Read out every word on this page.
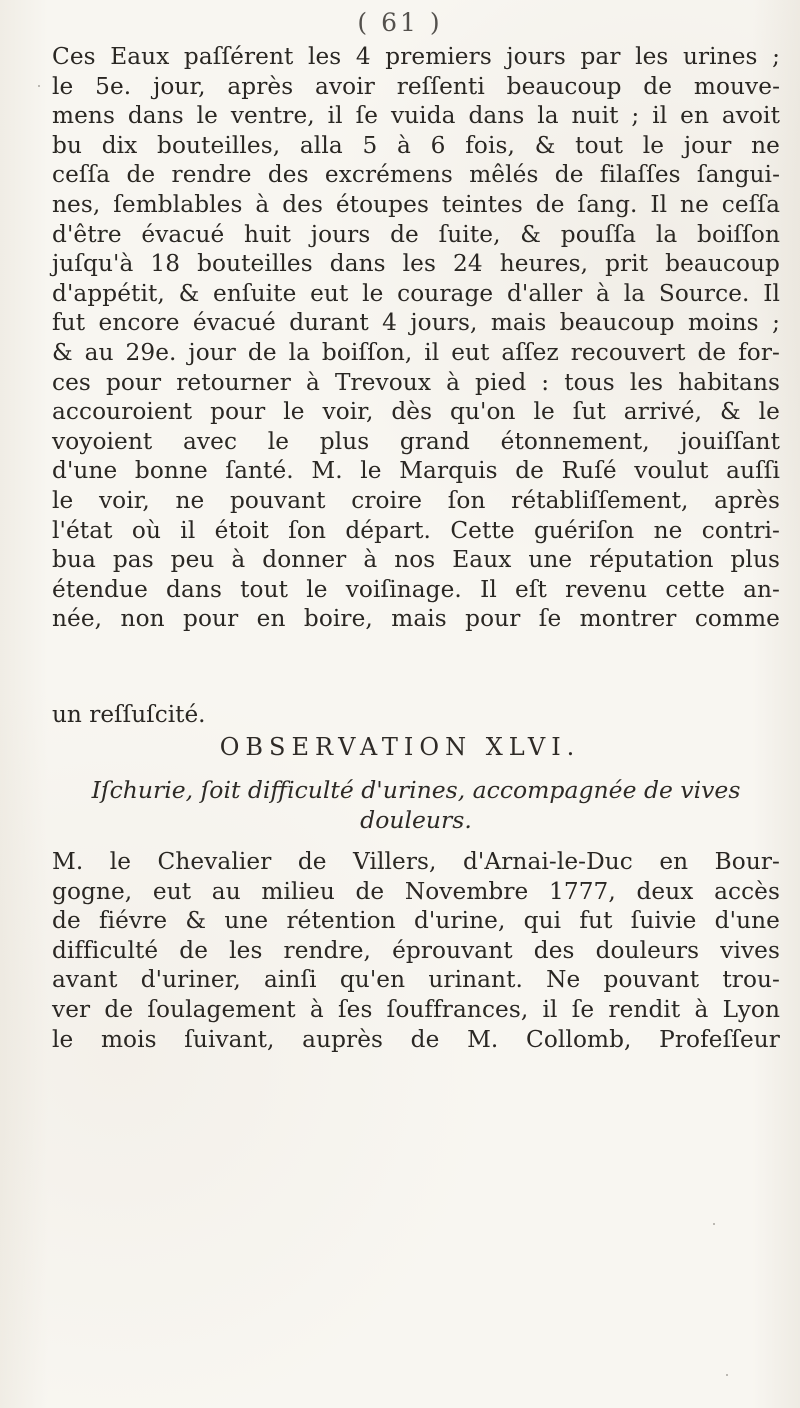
( 61 )
Ces Eaux paſſérent les 4 premiers jours par les urines ;
le 5e. jour, après avoir reſſenti beaucoup de mouve-
mens dans le ventre, il ſe vuida dans la nuit ; il en avoit
bu dix bouteilles, alla 5 à 6 fois, & tout le jour ne
ceſſa de rendre des excrémens mêlés de filaſſes ſangui-
nes, ſemblables à des étoupes teintes de ſang. Il ne ceſſa
d'être évacué huit jours de ſuite, & pouſſa la boiſſon
juſqu'à 18 bouteilles dans les 24 heures, prit beaucoup
d'appétit, & enſuite eut le courage d'aller à la Source. Il
fut encore évacué durant 4 jours, mais beaucoup moins ;
& au 29e. jour de la boiſſon, il eut aſſez recouvert de for-
ces pour retourner à Trevoux à pied : tous les habitans
accouroient pour le voir, dès qu'on le ſut arrivé, & le
voyoient avec le plus grand étonnement, jouiſſant
d'une bonne ſanté. M. le Marquis de Ruſé voulut auſſi
le voir, ne pouvant croire ſon rétabliſſement, après
l'état où il étoit ſon départ. Cette guériſon ne contri-
bua pas peu à donner à nos Eaux une réputation plus
étendue dans tout le voiſinage. Il eſt revenu cette an-
née, non pour en boire, mais pour ſe montrer comme

un reſſuſcité.

OBSERVATION XLVI.
Iſchurie, ſoit difficulté d'urines, accompagnée de vives
douleurs.
M. le Chevalier de Villers, d'Arnai-le-Duc en Bour-
gogne, eut au milieu de Novembre 1777, deux accès
de fiévre & une rétention d'urine, qui fut ſuivie d'une
difficulté de les rendre, éprouvant des douleurs vives
avant d'uriner, ainſi qu'en urinant. Ne pouvant trou-
ver de ſoulagement à ſes ſouffrances, il ſe rendit à Lyon
le mois ſuivant, auprès de M. Collomb, Profeſſeur
